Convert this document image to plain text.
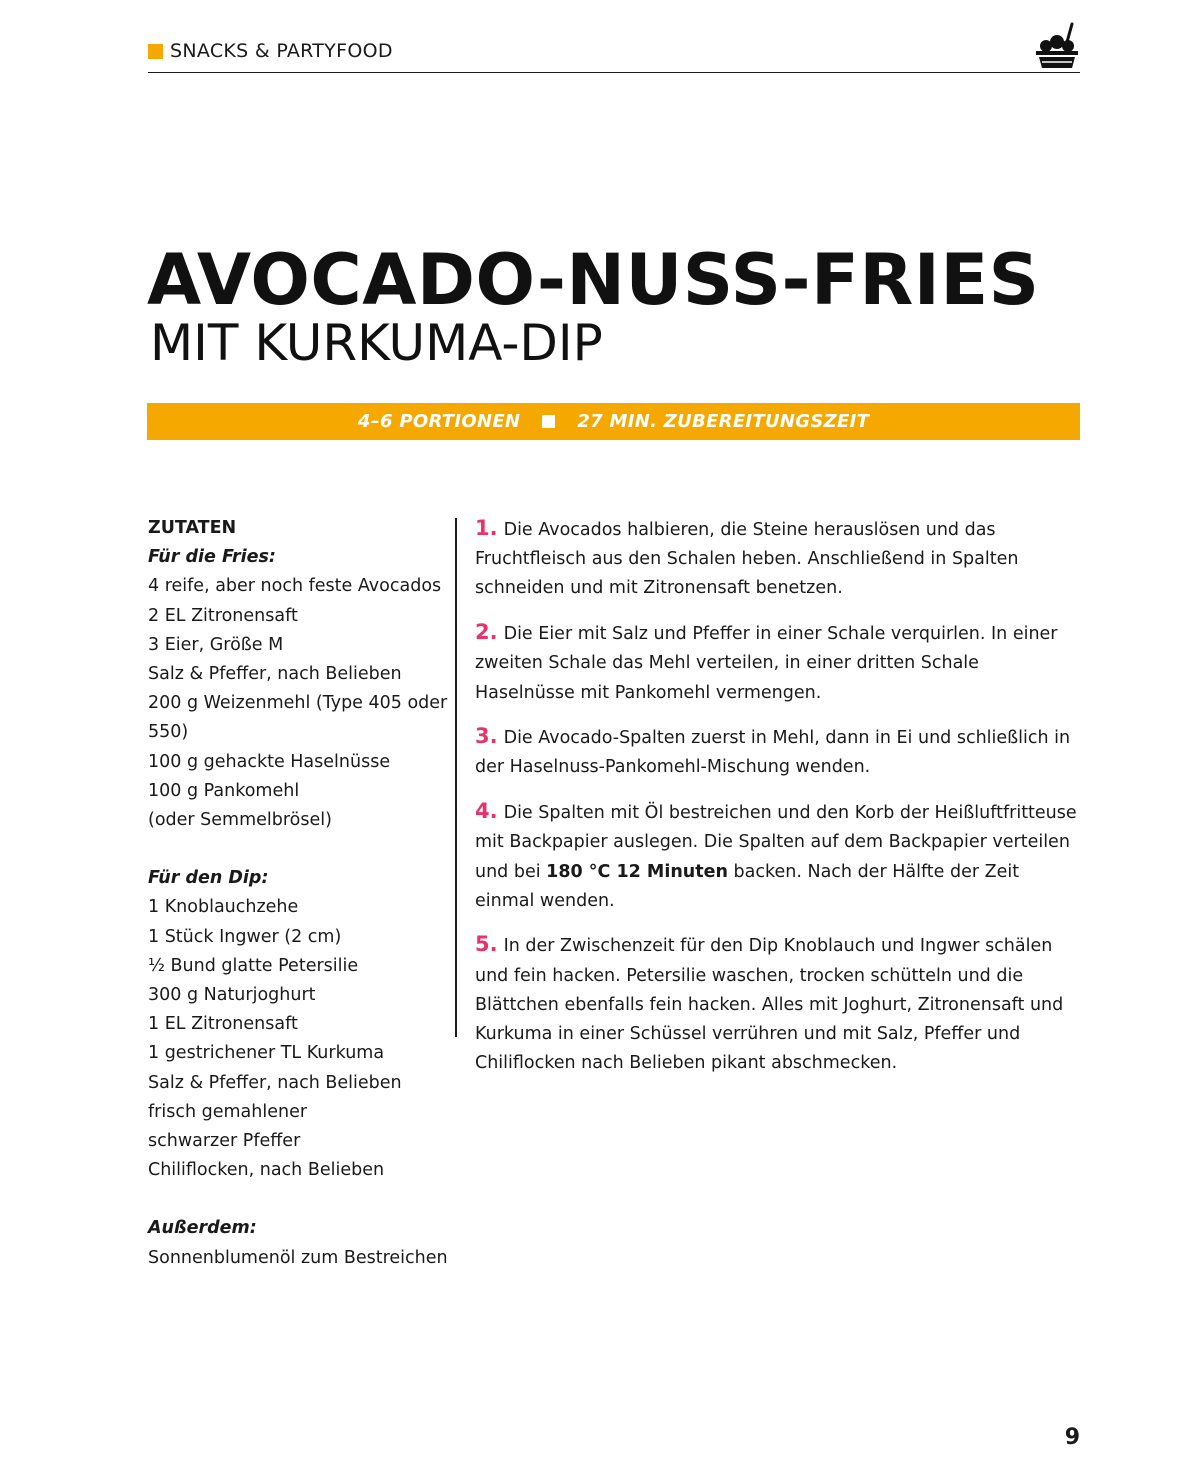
SNACKS & PARTYFOOD
AVOCADO-NUSS-FRIES
MIT KURKUMA-DIP
4–6 PORTIONEN	27 MIN. ZUBEREITUNGSZEIT
ZUTATEN
Für die Fries:
4 reife, aber noch feste Avocados
2 EL Zitronensaft
3 Eier, Größe M
Salz & Pfeffer, nach Belieben
200 g Weizenmehl (Type 405 oder 550)
100 g gehackte Haselnüsse
100 g Pankomehl
(oder Semmelbrösel)
Für den Dip:
1 Knoblauchzehe
1 Stück Ingwer (2 cm)
½ Bund glatte Petersilie
300 g Naturjoghurt
1 EL Zitronensaft
1 gestrichener TL Kurkuma
Salz & Pfeffer, nach Belieben
frisch gemahlener
schwarzer Pfeffer
Chiliflocken, nach Belieben
Außerdem:
Sonnenblumenöl zum Bestreichen

1. Die Avocados halbieren, die Steine herauslösen und das Fruchtfleisch aus den Schalen heben. Anschließend in Spalten schneiden und mit Zitronensaft benetzen.

2. Die Eier mit Salz und Pfeffer in einer Schale verquirlen. In einer zweiten Schale das Mehl verteilen, in einer dritten Schale Haselnüsse mit Pankomehl vermengen.

3. Die Avocado-Spalten zuerst in Mehl, dann in Ei und schließlich in der Haselnuss-Pankomehl-Mischung wenden.

4. Die Spalten mit Öl bestreichen und den Korb der Heißluftfritteuse mit Backpapier auslegen. Die Spalten auf dem Backpapier verteilen und bei 180 °C 12 Minuten backen. Nach der Hälfte der Zeit einmal wenden.

5. In der Zwischenzeit für den Dip Knoblauch und Ingwer schälen und fein hacken. Petersilie waschen, trocken schütteln und die Blättchen ebenfalls fein hacken. Alles mit Joghurt, Zitronensaft und Kurkuma in einer Schüssel verrühren und mit Salz, Pfeffer und Chiliflocken nach Belieben pikant abschmecken.

9
